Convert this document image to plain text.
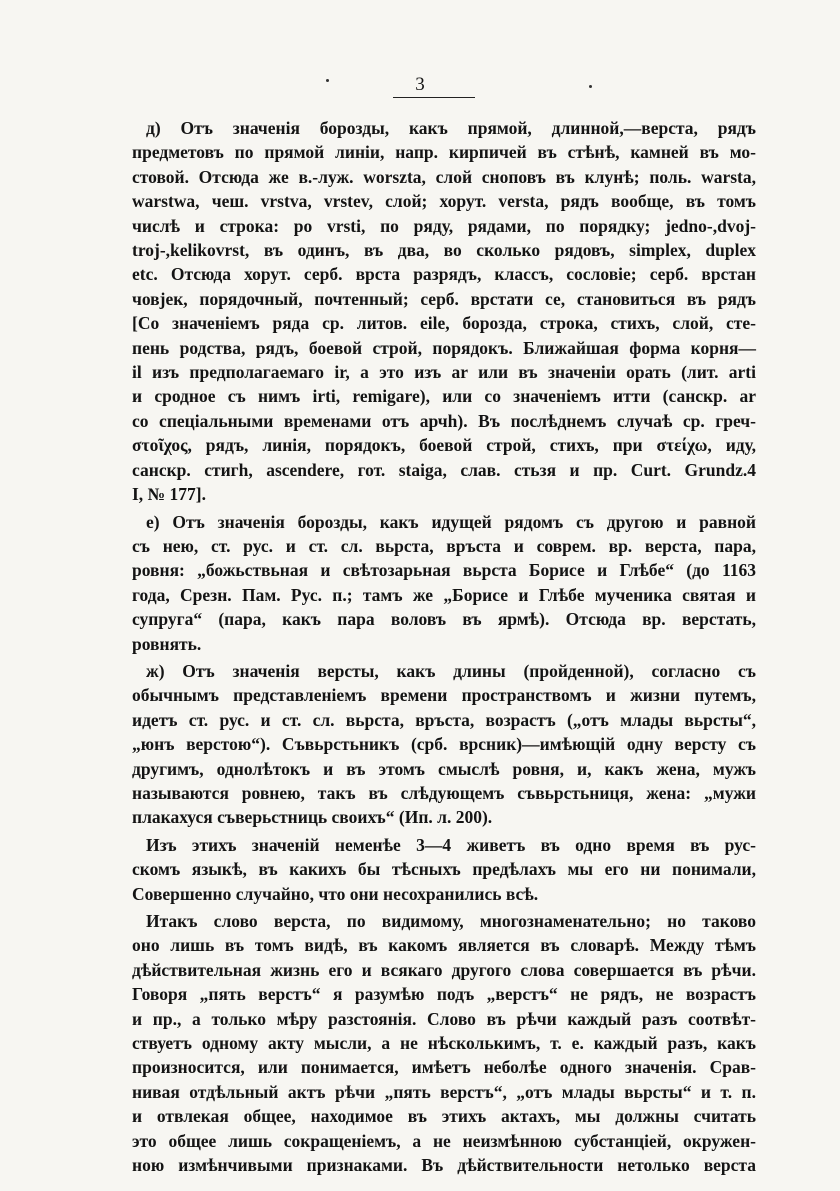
3

д) Отъ значенія борозды, какъ прямой, длинной,—верста, рядъ
предметовъ по прямой линіи, напр. кирпичей въ стѣнѣ, камней въ мо-
стовой. Отсюда же в.-луж. worszta, слой сноповъ въ клунѣ; поль. warsta,
warstwa, чеш. vrstva, vrstev, слой; хорут. versta, рядъ вообще, въ томъ
числѣ и строка: po vrsti, по ряду, рядами, по порядку; jedno-,dvoj-
troj-,kelikovrst, въ одинъ, въ два, во сколько рядовъ, simplex, duplex
etc. Отсюда хорут. серб. врста разрядъ, классъ, сословіе; серб. врстан
човјек, порядочный, почтенный; серб. врстати се, становиться въ рядъ
[Со значеніемъ ряда ср. литов. eile, борозда, строка, стихъ, слой, сте-
пень родства, рядъ, боевой строй, порядокъ. Ближайшая форма корня—
il изъ предполагаемаго ir, а это изъ ar или въ значеніи орать (лит. arti
и сродное съ нимъ irti, remigare), или со значеніемъ итти (санскр. ar
со спеціальными временами отъ арчh). Въ послѣднемъ случаѣ ср. греч-
στοῖχος, рядъ, линія, порядокъ, боевой строй, стихъ, при στείχω, иду,
санскр. стигh, ascendere, гот. staiga, слав. стьзя и пр. Curt. Grundz.4
I, № 177].

е) Отъ значенія борозды, какъ идущей рядомъ съ другою и равной
съ нею, ст. рус. и ст. сл. вьрста, връста и соврем. вр. верста, пара,
ровня: „божьствьная и свѣтозарьная вьрста Борисе и Глѣбе“ (до 1163
года, Срезн. Пам. Рус. п.; тамъ же „Борисе и Глѣбе мученика святая и
супруга“ (пара, какъ пара воловъ въ ярмѣ). Отсюда вр. верстать,
ровнять.

ж) Отъ значенія версты, какъ длины (пройденной), согласно съ
обычнымъ представленіемъ времени пространствомъ и жизни путемъ,
идетъ ст. рус. и ст. сл. вьрста, връста, возрастъ („отъ млады вьрсты“,
„юнъ верстою“). Съвьрстьникъ (срб. врсник)—имѣющій одну версту съ
другимъ, однолѣтокъ и въ этомъ смыслѣ ровня, и, какъ жена, мужъ
называются ровнею, такъ въ слѣдующемъ съвьрстьниця, жена: „мужи
плакахуся съверьстниць своихъ“ (Ип. л. 200).

Изъ этихъ значеній неменѣе 3—4 живетъ въ одно время въ рус-
скомъ языкѣ, въ какихъ бы тѣсныхъ предѣлахъ мы его ни понимали,
Совершенно случайно, что они несохранились всѣ.

Итакъ слово верста, по видимому, многознаменательно; но таково
оно лишь въ томъ видѣ, въ какомъ является въ словарѣ. Между тѣмъ
дѣйствительная жизнь его и всякаго другого слова совершается въ рѣчи.
Говоря „пять верстъ“ я разумѣю подъ „верстъ“ не рядъ, не возрастъ
и пр., а только мѣру разстоянія. Слово въ рѣчи каждый разъ соотвѣт-
ствуетъ одному акту мысли, а не нѣсколькимъ, т. е. каждый разъ, какъ
произносится, или понимается, имѣетъ неболѣе одного значенія. Срав-
нивая отдѣльный актъ рѣчи „пять верстъ“, „отъ млады вьрсты“ и т. п.
и отвлекая общее, находимое въ этихъ актахъ, мы должны считать
это общее лишь сокращеніемъ, а не неизмѣнною субстанціей, окружен-
ною измѣнчивыми признаками. Въ дѣйствительности нетолько верста
